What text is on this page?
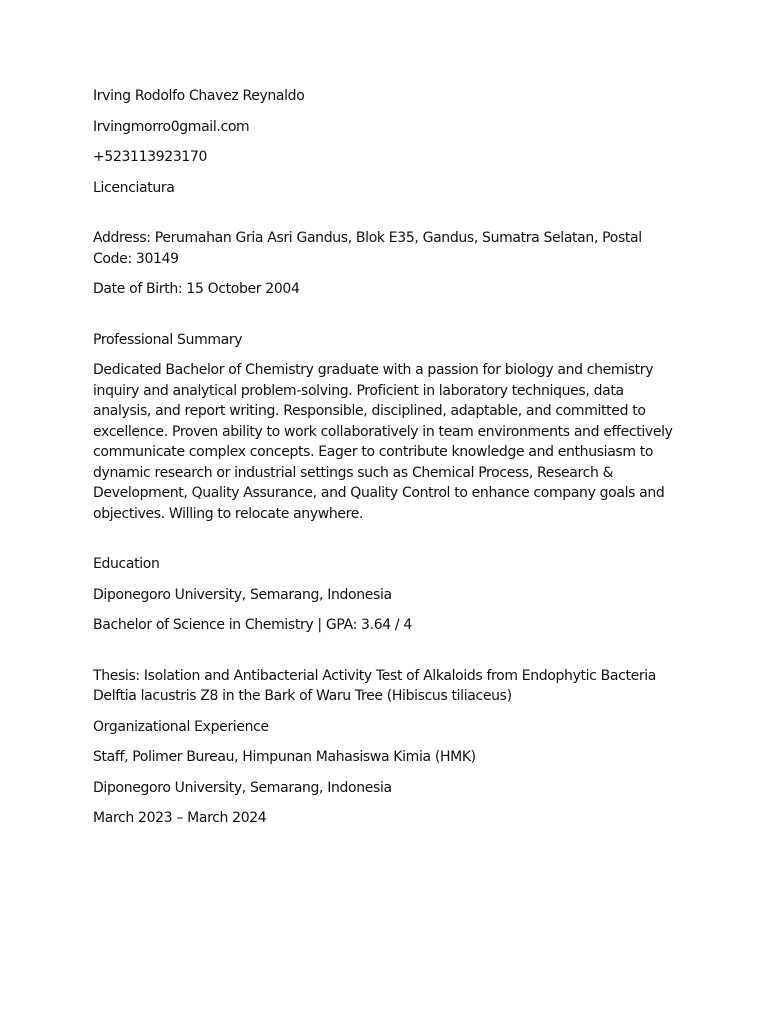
Irving Rodolfo Chavez Reynaldo

Irvingmorro0gmail.com

+523113923170

Licenciatura

Address: Perumahan Gria Asri Gandus, Blok E35, Gandus, Sumatra Selatan, Postal Code: 30149

Date of Birth: 15 October 2004

Professional Summary

Dedicated Bachelor of Chemistry graduate with a passion for biology and chemistry inquiry and analytical problem-solving. Proficient in laboratory techniques, data analysis, and report writing. Responsible, disciplined, adaptable, and committed to excellence. Proven ability to work collaboratively in team environments and effectively communicate complex concepts. Eager to contribute knowledge and enthusiasm to dynamic research or industrial settings such as Chemical Process, Research & Development, Quality Assurance, and Quality Control to enhance company goals and objectives. Willing to relocate anywhere.

Education

Diponegoro University, Semarang, Indonesia

Bachelor of Science in Chemistry | GPA: 3.64 / 4

Thesis: Isolation and Antibacterial Activity Test of Alkaloids from Endophytic Bacteria Delftia lacustris Z8 in the Bark of Waru Tree (Hibiscus tiliaceus)

Organizational Experience

Staff, Polimer Bureau, Himpunan Mahasiswa Kimia (HMK)

Diponegoro University, Semarang, Indonesia

March 2023 – March 2024
